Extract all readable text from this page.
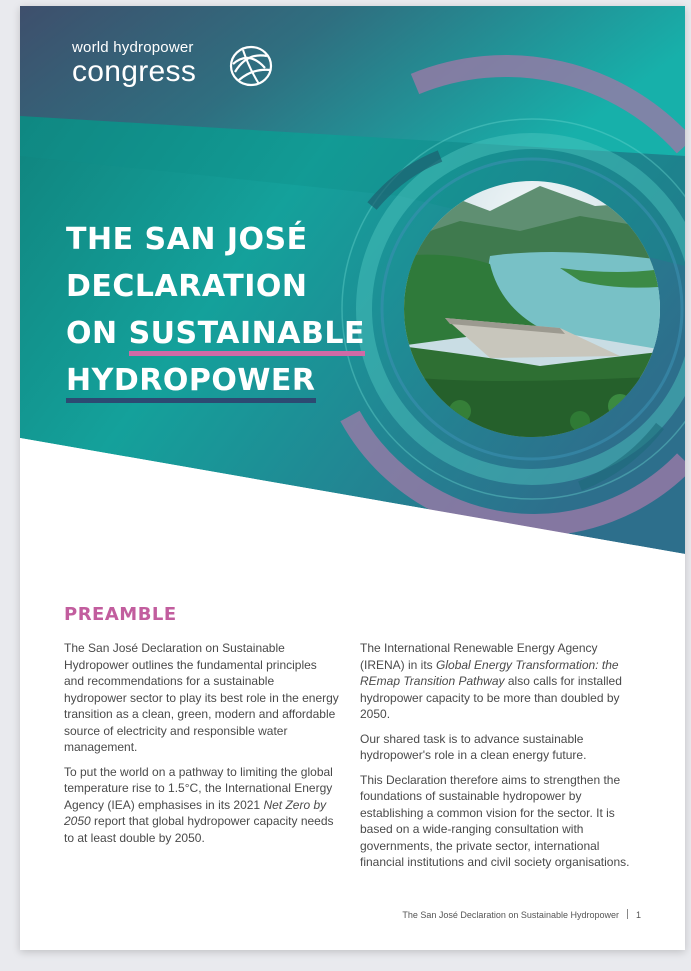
world hydropower
congress
THE SAN JOSÉ
DECLARATION
ON SUSTAINABLE
HYDROPOWER
PREAMBLE

The San José Declaration on Sustainable Hydropower outlines the fundamental principles and recommendations for a sustainable hydropower sector to play its best role in the energy transition as a clean, green, modern and affordable source of electricity and responsible water management.

To put the world on a pathway to limiting the global temperature rise to 1.5°C, the International Energy Agency (IEA) emphasises in its 2021 Net Zero by 2050 report that global hydropower capacity needs to at least double by 2050.

The International Renewable Energy Agency (IRENA) in its Global Energy Transformation: the REmap Transition Pathway also calls for installed hydropower capacity to be more than doubled by 2050.

Our shared task is to advance sustainable hydropower's role in a clean energy future.

This Declaration therefore aims to strengthen the foundations of sustainable hydropower by establishing a common vision for the sector. It is based on a wide-ranging consultation with governments, the private sector, international financial institutions and civil society organisations.

The San José Declaration on Sustainable Hydropower 1
